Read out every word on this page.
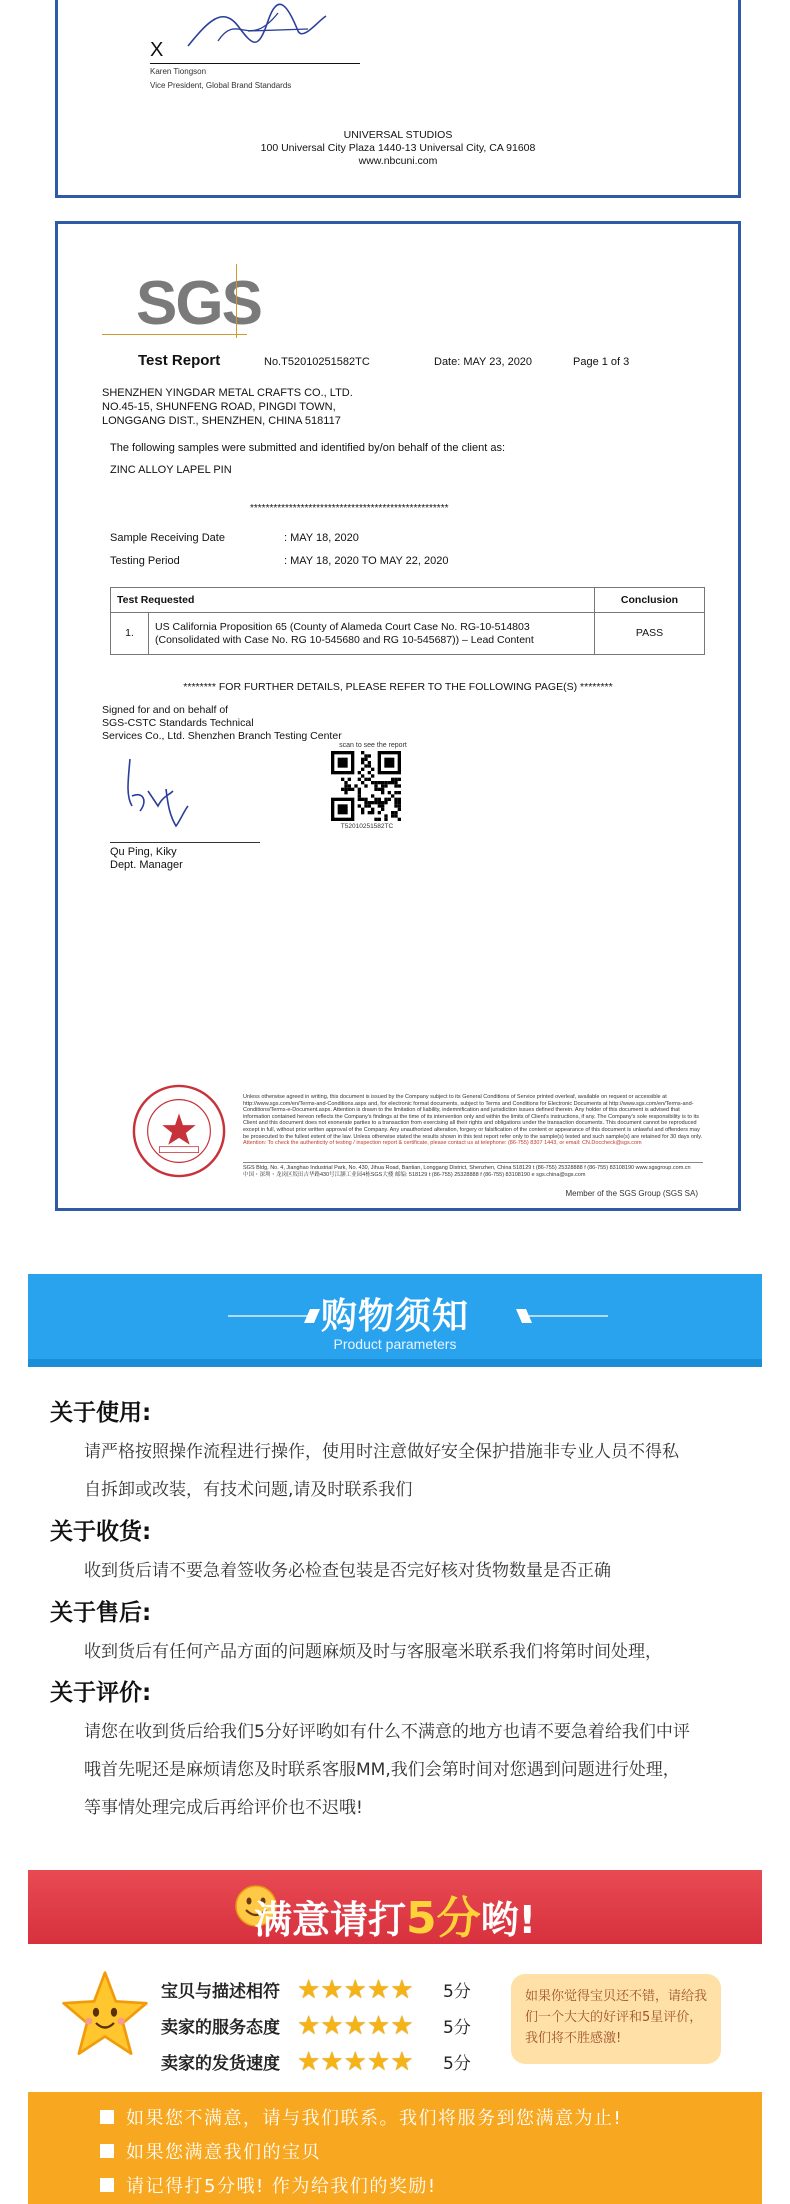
X
Karen Tiongson
Vice President, Global Brand Standards
UNIVERSAL STUDIOS
100 Universal City Plaza 1440-13 Universal City, CA 91608
www.nbcuni.com
SGS
Test Report	No.T52010251582TC	Date: MAY 23, 2020	Page 1 of 3
SHENZHEN YINGDAR METAL CRAFTS CO., LTD.
NO.45-15, SHUNFENG ROAD, PINGDI TOWN,
LONGGANG DIST., SHENZHEN, CHINA 518117
The following samples were submitted and identified by/on behalf of the client as:
ZINC ALLOY LAPEL PIN
***************************************************
Sample Receiving Date	: MAY 18, 2020
Testing Period	: MAY 18, 2020 TO MAY 22, 2020
Test Requested		Conclusion
1.	US California Proposition 65 (County of Alameda Court Case No. RG-10-514803
(Consolidated with Case No. RG 10-545680 and RG 10-545687)) – Lead Content	PASS
******** FOR FURTHER DETAILS, PLEASE REFER TO THE FOLLOWING PAGE(S) ********
Signed for and on behalf of
SGS-CSTC Standards Technical
Services Co., Ltd. Shenzhen Branch Testing Center
scan to see the report
T52010251582TC
Qu Ping, Kiky
Dept. Manager
Unless otherwise agreed in writing, this document is issued by the Company subject to its General Conditions of Service printed overleaf, available on request or accessible at http://www.sgs.com/en/Terms-and-Conditions.aspx and, for electronic format documents, subject to Terms and Conditions for Electronic Documents at http://www.sgs.com/en/Terms-and-Conditions/Terms-e-Document.aspx. Attention is drawn to the limitation of liability, indemnification and jurisdiction issues defined therein. Any holder of this document is advised that information contained hereon reflects the Company's findings at the time of its intervention only and within the limits of Client's instructions, if any. The Company's sole responsibility is to its Client and this document does not exonerate parties to a transaction from exercising all their rights and obligations under the transaction documents. This document cannot be reproduced except in full, without prior written approval of the Company. Any unauthorized alteration, forgery or falsification of the content or appearance of this document is unlawful and offenders may be prosecuted to the fullest extent of the law. Unless otherwise stated the results shown in this test report refer only to the sample(s) tested and such sample(s) are retained for 30 days only. Attention: To check the authenticity of testing / inspection report & certificate, please contact us at telephone: (86-755) 8307 1443, or email: CN.Doccheck@sgs.com
SGS Bldg, No. 4, Jianghao Industrial Park, No. 430, Jihua Road, Bantian, Longgang District, Shenzhen, China 518129 t (86-755) 25328888 f (86-755) 83108190 www.sgsgroup.com.cn
中国・深圳・龙岗区坂田吉华路430号江灏工业园4栋SGS大楼 邮编: 518129 t (86-755) 25328888 f (86-755) 83108190 e sgs.china@sgs.com
Member of the SGS Group (SGS SA)
购物须知
Product parameters
关于使用:
请严格按照操作流程进行操作，使用时注意做好安全保护措施非专业人员不得私
自拆卸或改装，有技术问题,请及时联系我们
关于收货:
收到货后请不要急着签收务必检查包装是否完好核对货物数量是否正确
关于售后:
收到货后有任何产品方面的问题麻烦及时与客服毫米联系我们将第时间处理，
关于评价:
请您在收到货后给我们5分好评哟如有什么不满意的地方也请不要急着给我们中评
哦首先呢还是麻烦请您及时联系客服MM,我们会第时间对您遇到问题进行处理，
等事情处理完成后再给评价也不迟哦!
满意请打5分哟!
宝贝与描述相符 ★★★★★	5分
卖家的服务态度 ★★★★★	5分
卖家的发货速度 ★★★★★	5分
如果你觉得宝贝还不错，请给我们一个大大的好评和5星评价，我们将不胜感激!
如果您不满意，请与我们联系。我们将服务到您满意为止!
如果您满意我们的宝贝
请记得打5分哦! 作为给我们的奖励!
